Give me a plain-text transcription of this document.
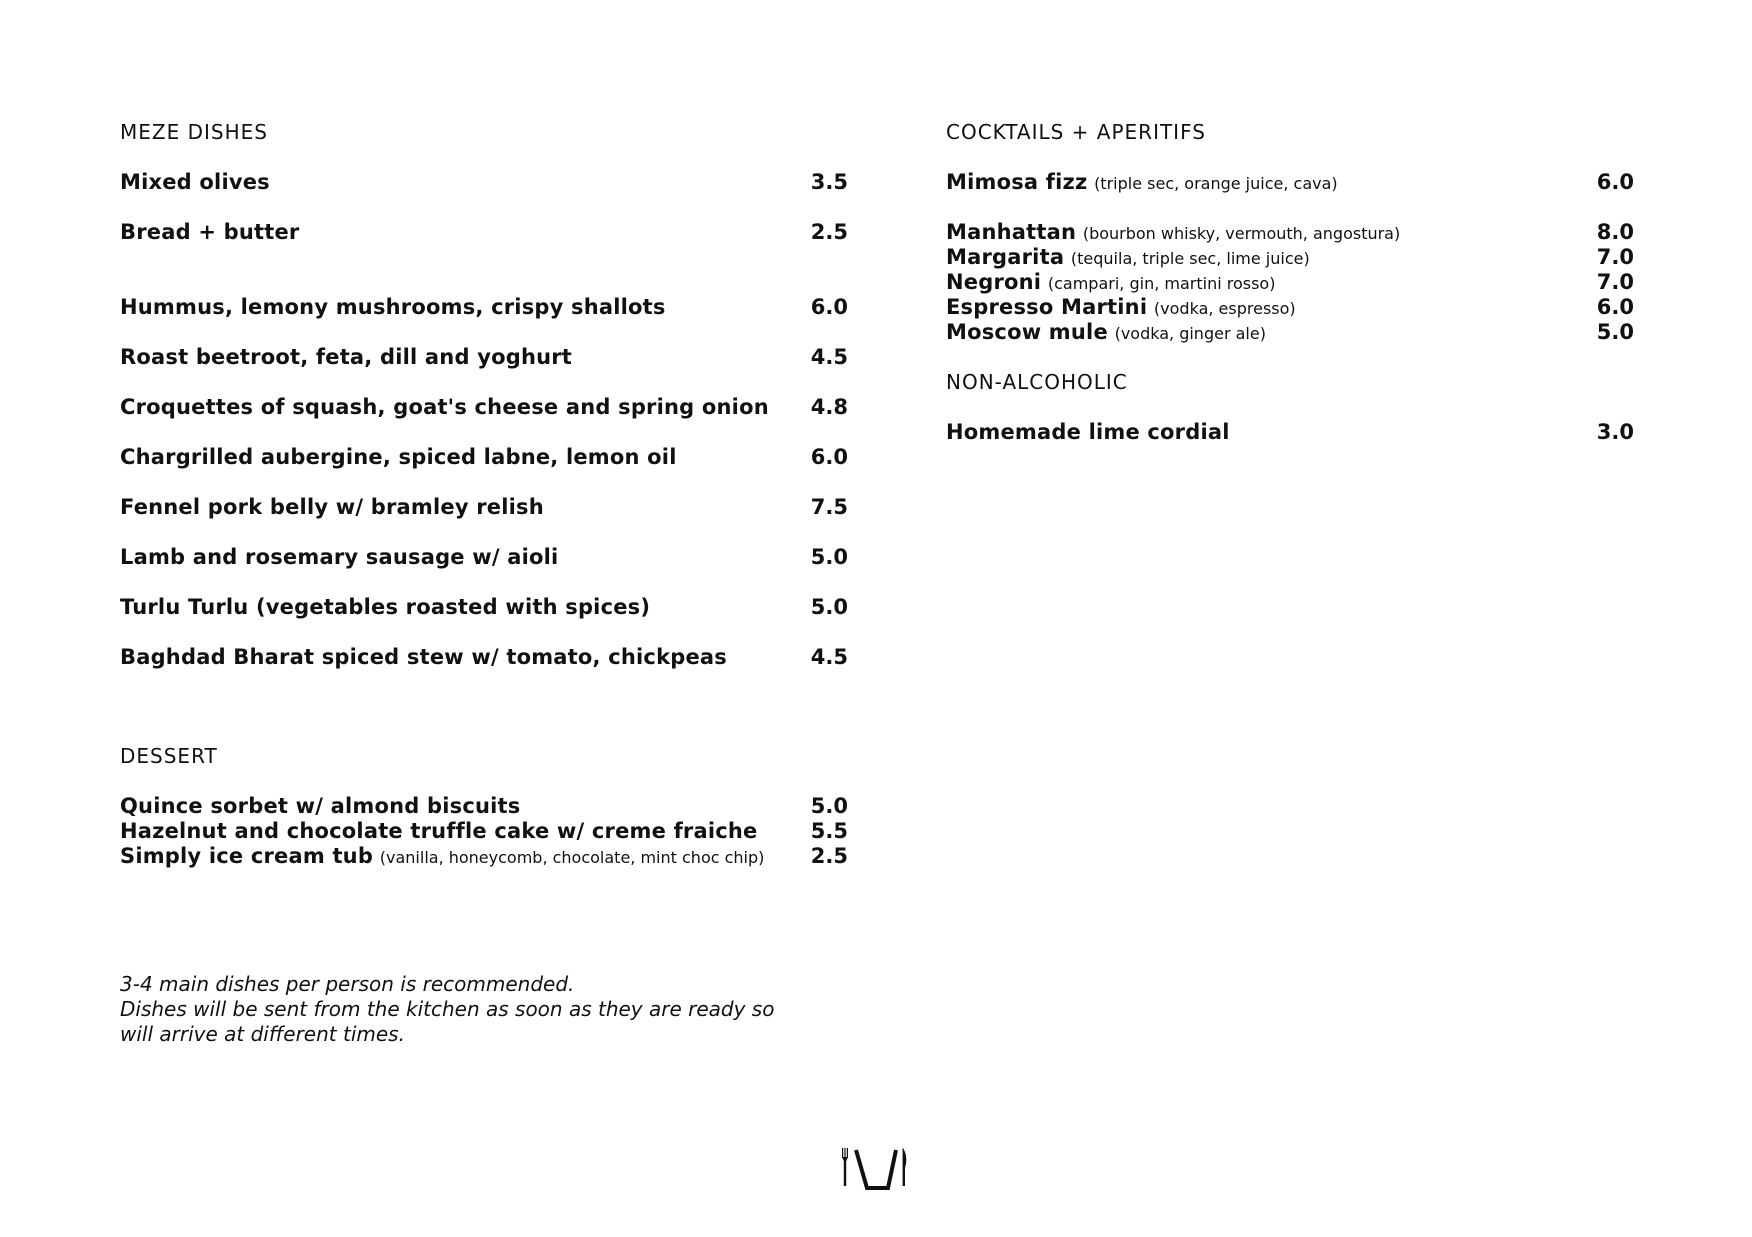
MEZE DISHES
Mixed olives	3.5
Bread + butter	2.5
Hummus, lemony mushrooms, crispy shallots	6.0
Roast beetroot, feta, dill and yoghurt	4.5
Croquettes of squash, goat's cheese and spring onion 4.8
Chargrilled aubergine, spiced labne, lemon oil	6.0
Fennel pork belly w/ bramley relish	7.5
Lamb and rosemary sausage w/ aioli	5.0
Turlu Turlu (vegetables roasted with spices)	5.0
Baghdad Bharat spiced stew w/ tomato, chickpeas	4.5
DESSERT
Quince sorbet w/ almond biscuits	5.0
Hazelnut and chocolate truffle cake w/ creme fraiche	5.5
Simply ice cream tub (vanilla, honeycomb, chocolate, mint choc chip) 2.5
COCKTAILS + APERITIFS
Mimosa fizz (triple sec, orange juice, cava)	6.0
Manhattan (bourbon whisky, vermouth, angostura)	8.0
Margarita (tequila, triple sec, lime juice)	7.0
Negroni (campari, gin, martini rosso)	7.0
Espresso Martini (vodka, espresso)	6.0
Moscow mule (vodka, ginger ale)	5.0
NON-ALCOHOLIC
Homemade lime cordial	3.0
3-4 main dishes per person is recommended.
Dishes will be sent from the kitchen as soon as they are ready so
will arrive at different times.
